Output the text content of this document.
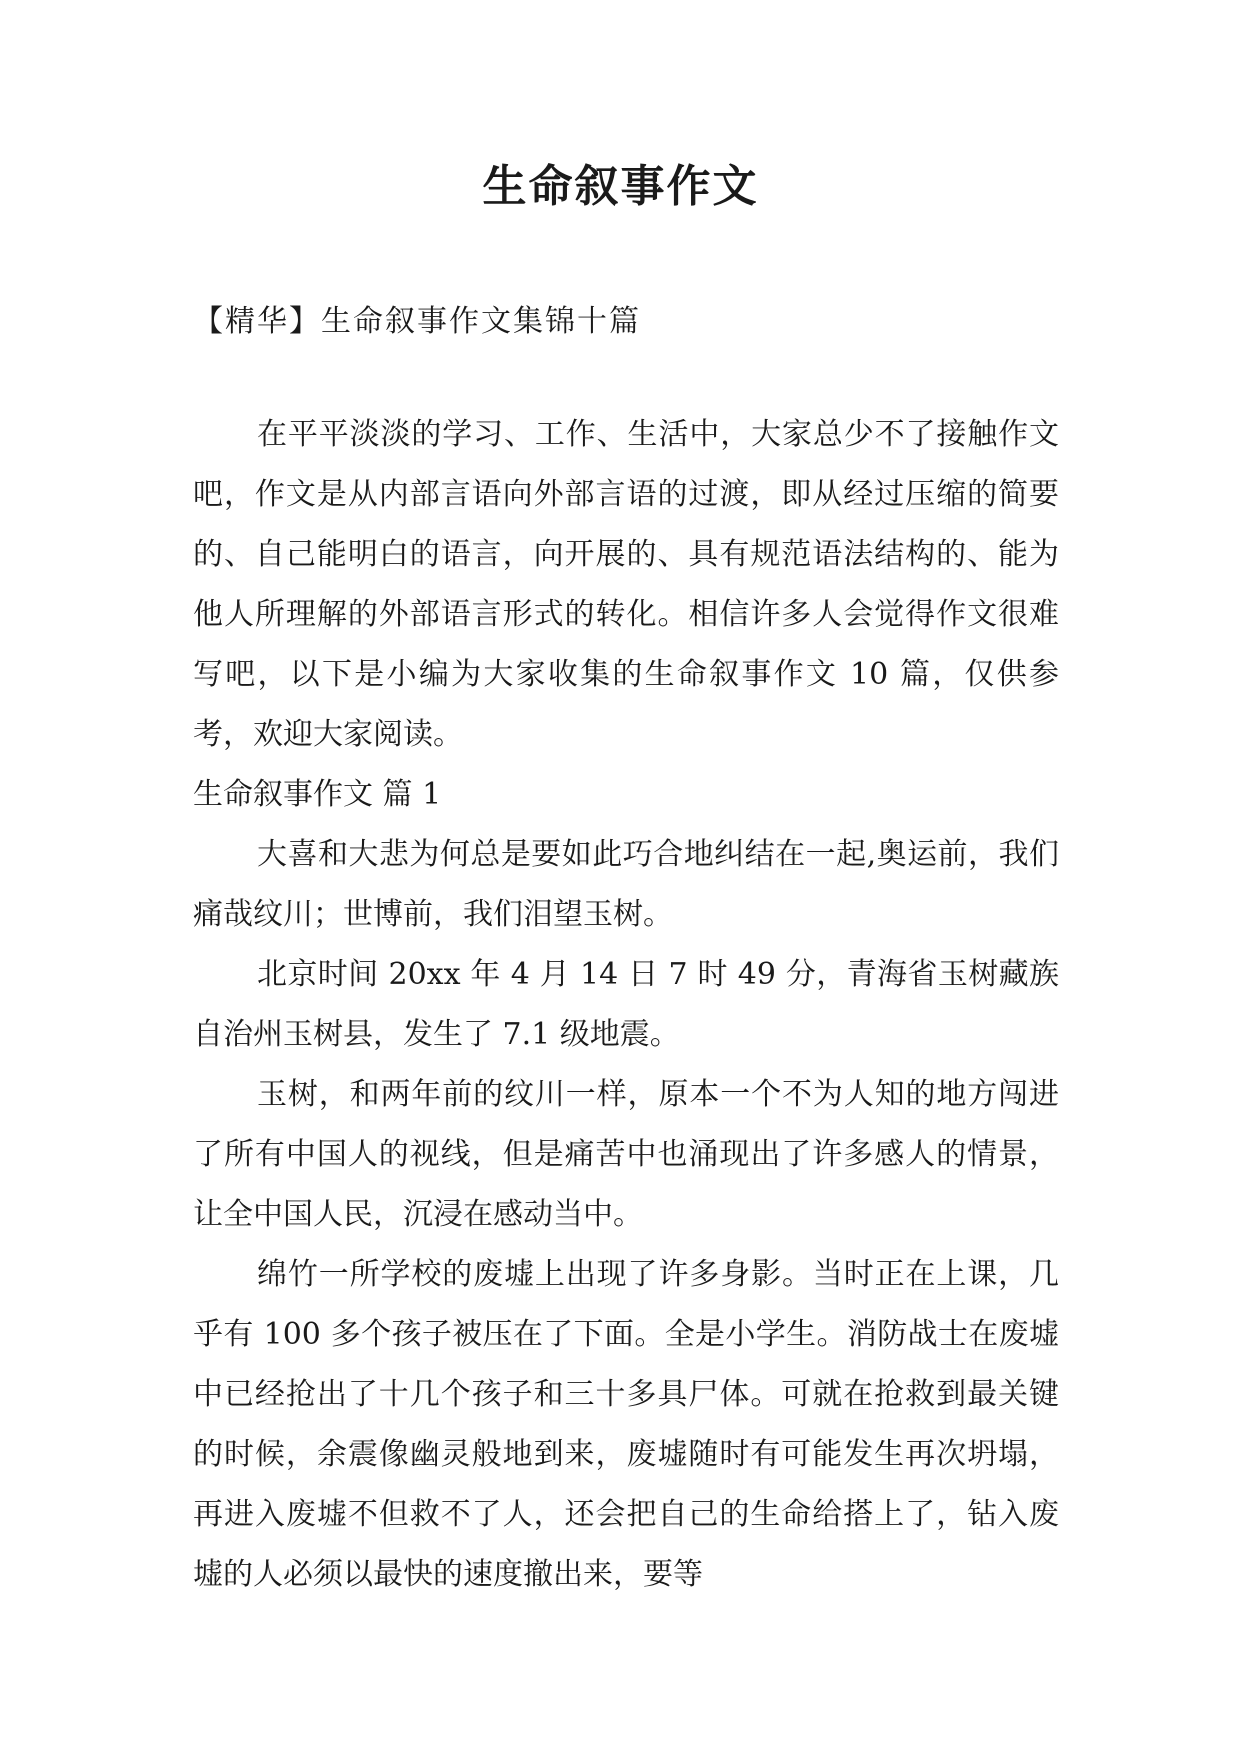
生命叙事作文
【精华】生命叙事作文集锦十篇

在平平淡淡的学习、工作、生活中，大家总少不了接触作文吧，作文是从内部言语向外部言语的过渡，即从经过压缩的简要的、自己能明白的语言，向开展的、具有规范语法结构的、能为他人所理解的外部语言形式的转化。相信许多人会觉得作文很难写吧，以下是小编为大家收集的生命叙事作文 10 篇，仅供参考，欢迎大家阅读。

生命叙事作文 篇 1

大喜和大悲为何总是要如此巧合地纠结在一起,奥运前，我们痛哉纹川；世博前，我们泪望玉树。

北京时间 20xx 年 4 月 14 日 7 时 49 分，青海省玉树藏族自治州玉树县，发生了 7.1 级地震。

玉树，和两年前的纹川一样，原本一个不为人知的地方闯进了所有中国人的视线，但是痛苦中也涌现出了许多感人的情景，让全中国人民，沉浸在感动当中。

绵竹一所学校的废墟上出现了许多身影。当时正在上课，几乎有 100 多个孩子被压在了下面。全是小学生。消防战士在废墟中已经抢出了十几个孩子和三十多具尸体。可就在抢救到最关键的时候，余震像幽灵般地到来，废墟随时有可能发生再次坍塌，再进入废墟不但救不了人，还会把自己的生命给搭上了，钻入废墟的人必须以最快的速度撤出来，要等
